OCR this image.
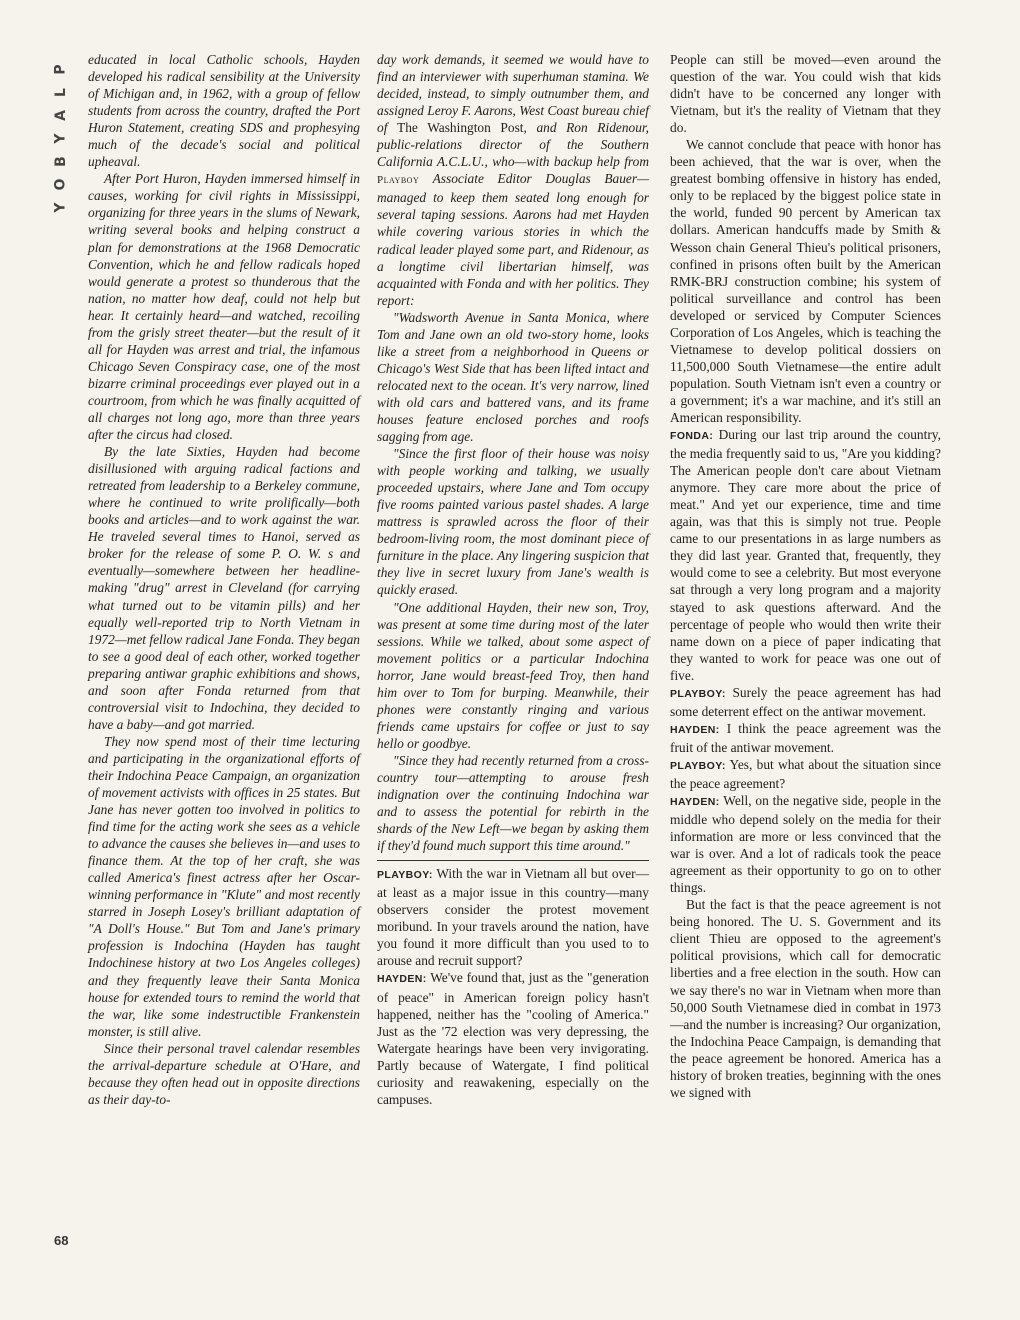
P
L
A
Y
B
O
Y
68

educated in local Catholic schools, Hayden developed his radical sensibility at the University of Michigan and, in 1962, with a group of fellow students from across the country, drafted the Port Huron Statement, creating SDS and prophesying much of the decade's social and political upheaval.

After Port Huron, Hayden immersed himself in causes, working for civil rights in Mississippi, organizing for three years in the slums of Newark, writing several books and helping construct a plan for demonstrations at the 1968 Democratic Convention, which he and fellow radicals hoped would generate a protest so thunderous that the nation, no matter how deaf, could not help but hear. It certainly heard—and watched, recoiling from the grisly street theater—but the result of it all for Hayden was arrest and trial, the infamous Chicago Seven Conspiracy case, one of the most bizarre criminal proceedings ever played out in a courtroom, from which he was finally acquitted of all charges not long ago, more than three years after the circus had closed.

By the late Sixties, Hayden had become disillusioned with arguing radical factions and retreated from leadership to a Berkeley commune, where he continued to write prolifically—both books and articles—and to work against the war. He traveled several times to Hanoi, served as broker for the release of some P. O. W. s and eventually—somewhere between her headline-making "drug" arrest in Cleveland (for carrying what turned out to be vitamin pills) and her equally well-reported trip to North Vietnam in 1972—met fellow radical Jane Fonda. They began to see a good deal of each other, worked together preparing antiwar graphic exhibitions and shows, and soon after Fonda returned from that controversial visit to Indochina, they decided to have a baby—and got married.

They now spend most of their time lecturing and participating in the organizational efforts of their Indochina Peace Campaign, an organization of movement activists with offices in 25 states. But Jane has never gotten too involved in politics to find time for the acting work she sees as a vehicle to advance the causes she believes in—and uses to finance them. At the top of her craft, she was called America's finest actress after her Oscar-winning performance in "Klute" and most recently starred in Joseph Losey's brilliant adaptation of "A Doll's House." But Tom and Jane's primary profession is Indochina (Hayden has taught Indochinese history at two Los Angeles colleges) and they frequently leave their Santa Monica house for extended tours to remind the world that the war, like some indestructible Frankenstein monster, is still alive.

Since their personal travel calendar resembles the arrival-departure schedule at O'Hare, and because they often head out in opposite directions as their day-to-

day work demands, it seemed we would have to find an interviewer with superhuman stamina. We decided, instead, to simply outnumber them, and assigned Leroy F. Aarons, West Coast bureau chief of The Washington Post, and Ron Ridenour, public-relations director of the Southern California A.C.L.U., who—with backup help from Playboy Associate Editor Douglas Bauer—managed to keep them seated long enough for several taping sessions. Aarons had met Hayden while covering various stories in which the radical leader played some part, and Ridenour, as a longtime civil libertarian himself, was acquainted with Fonda and with her politics. They report:

"Wadsworth Avenue in Santa Monica, where Tom and Jane own an old two-story home, looks like a street from a neighborhood in Queens or Chicago's West Side that has been lifted intact and relocated next to the ocean. It's very narrow, lined with old cars and battered vans, and its frame houses feature enclosed porches and roofs sagging from age.

"Since the first floor of their house was noisy with people working and talking, we usually proceeded upstairs, where Jane and Tom occupy five rooms painted various pastel shades. A large mattress is sprawled across the floor of their bedroom-living room, the most dominant piece of furniture in the place. Any lingering suspicion that they live in secret luxury from Jane's wealth is quickly erased.

"One additional Hayden, their new son, Troy, was present at some time during most of the later sessions. While we talked, about some aspect of movement politics or a particular Indochina horror, Jane would breast-feed Troy, then hand him over to Tom for burping. Meanwhile, their phones were constantly ringing and various friends came upstairs for coffee or just to say hello or goodbye.

"Since they had recently returned from a cross-country tour—attempting to arouse fresh indignation over the continuing Indochina war and to assess the potential for rebirth in the shards of the New Left—we began by asking them if they'd found much support this time around."

PLAYBOY: With the war in Vietnam all but over—at least as a major issue in this country—many observers consider the protest movement moribund. In your travels around the nation, have you found it more difficult than you used to to arouse and recruit support?

HAYDEN: We've found that, just as the "generation of peace" in American foreign policy hasn't happened, neither has the "cooling of America." Just as the '72 election was very depressing, the Watergate hearings have been very invigorating. Partly because of Watergate, I find political curiosity and reawakening, especially on the campuses.

People can still be moved—even around the question of the war. You could wish that kids didn't have to be concerned any longer with Vietnam, but it's the reality of Vietnam that they do.

We cannot conclude that peace with honor has been achieved, that the war is over, when the greatest bombing offensive in history has ended, only to be replaced by the biggest police state in the world, funded 90 percent by American tax dollars. American handcuffs made by Smith & Wesson chain General Thieu's political prisoners, confined in prisons often built by the American RMK-BRJ construction combine; his system of political surveillance and control has been developed or serviced by Computer Sciences Corporation of Los Angeles, which is teaching the Vietnamese to develop political dossiers on 11,500,000 South Vietnamese—the entire adult population. South Vietnam isn't even a country or a government; it's a war machine, and it's still an American responsibility.

FONDA: During our last trip around the country, the media frequently said to us, "Are you kidding? The American people don't care about Vietnam anymore. They care more about the price of meat." And yet our experience, time and time again, was that this is simply not true. People came to our presentations in as large numbers as they did last year. Granted that, frequently, they would come to see a celebrity. But most everyone sat through a very long program and a majority stayed to ask questions afterward. And the percentage of people who would then write their name down on a piece of paper indicating that they wanted to work for peace was one out of five.

PLAYBOY: Surely the peace agreement has had some deterrent effect on the antiwar movement.

HAYDEN: I think the peace agreement was the fruit of the antiwar movement.

PLAYBOY: Yes, but what about the situation since the peace agreement?

HAYDEN: Well, on the negative side, people in the middle who depend solely on the media for their information are more or less convinced that the war is over. And a lot of radicals took the peace agreement as their opportunity to go on to other things.

But the fact is that the peace agreement is not being honored. The U. S. Government and its client Thieu are opposed to the agreement's political provisions, which call for democratic liberties and a free election in the south. How can we say there's no war in Vietnam when more than 50,000 South Vietnamese died in combat in 1973—and the number is increasing? Our organization, the Indochina Peace Campaign, is demanding that the peace agreement be honored. America has a history of broken treaties, beginning with the ones we signed with
